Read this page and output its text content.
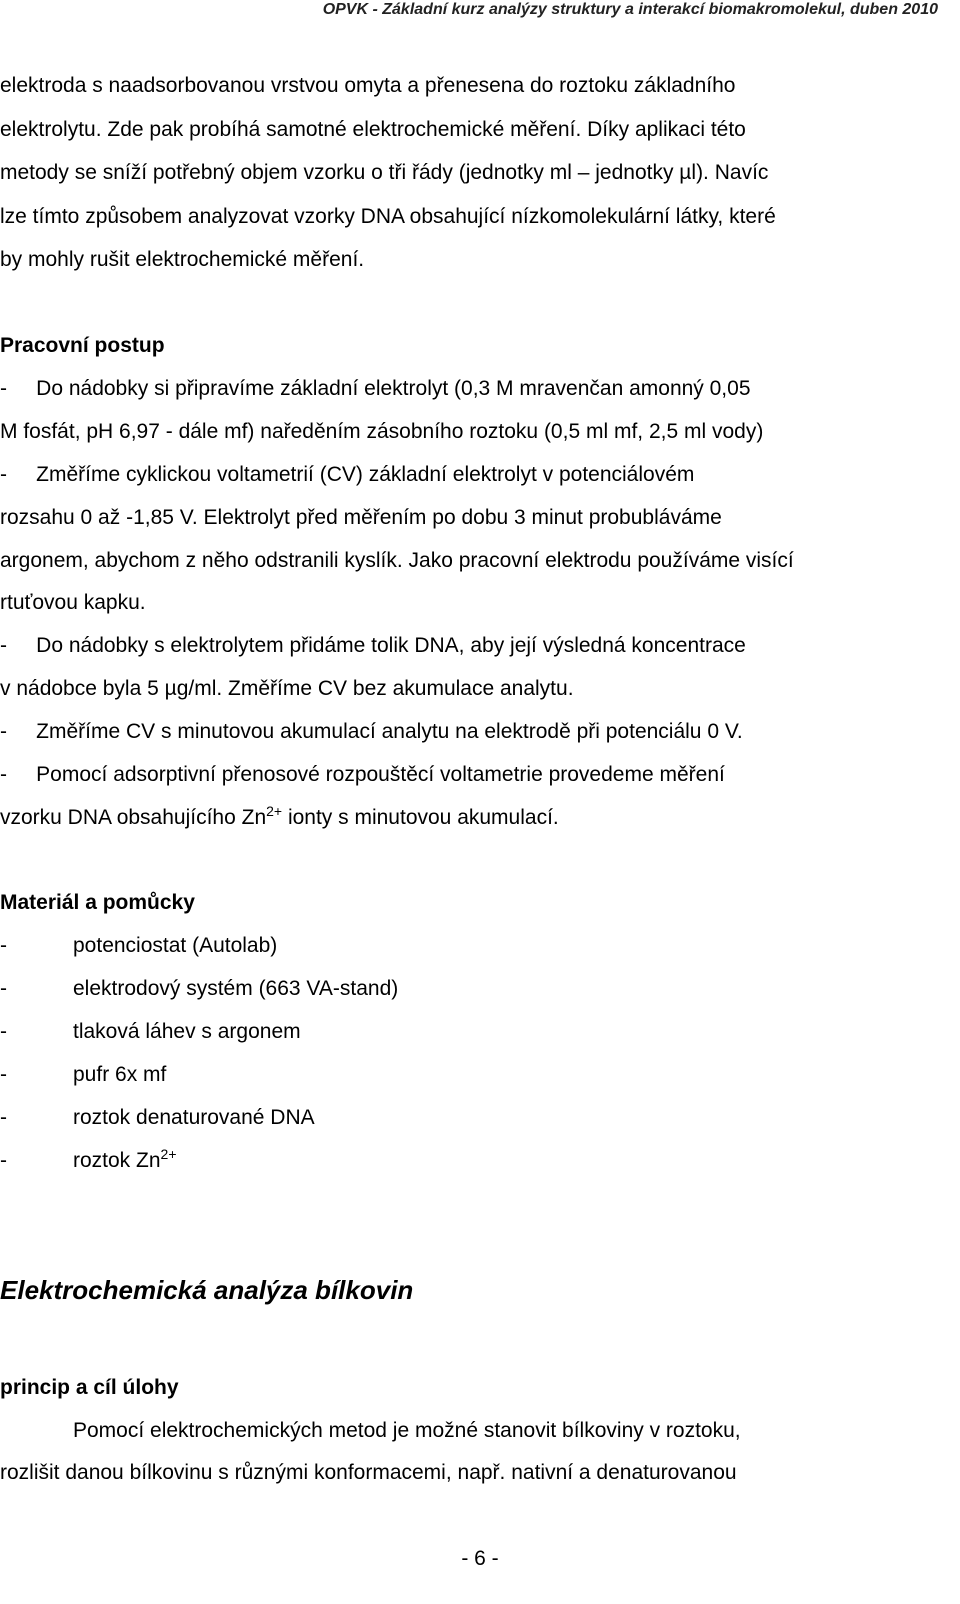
OPVK - Základní kurz analýzy struktury a interakcí biomakromolekul, duben 2010
elektroda s naadsorbovanou vrstvou omyta a přenesena do roztoku základního
elektrolytu. Zde pak probíhá samotné elektrochemické měření. Díky aplikaci této
metody se sníží potřebný objem vzorku o tři řády (jednotky ml – jednotky µl). Navíc
lze tímto způsobem analyzovat vzorky DNA obsahující nízkomolekulární látky, které
by mohly rušit elektrochemické měření.
Pracovní postup
-     Do nádobky si připravíme základní elektrolyt (0,3 M mravenčan amonný 0,05
M fosfát, pH 6,97 - dále mf) naředěním zásobního roztoku (0,5 ml mf, 2,5 ml vody)
-     Změříme cyklickou voltametrií (CV) základní elektrolyt v potenciálovém
rozsahu 0 až -1,85 V. Elektrolyt před měřením po dobu 3 minut probubláváme
argonem, abychom z něho odstranili kyslík. Jako pracovní elektrodu používáme visící
rtuťovou kapku.
-     Do nádobky s elektrolytem přidáme tolik DNA, aby její výsledná koncentrace
v nádobce byla 5 µg/ml. Změříme CV bez akumulace analytu.
-     Změříme CV s minutovou akumulací analytu na elektrodě při potenciálu 0 V.
-     Pomocí adsorptivní přenosové rozpouštěcí voltametrie provedeme měření
vzorku DNA obsahujícího $Zn^{2+}$ ionty s minutovou akumulací.
Materiál a pomůcky
-	potenciostat (Autolab)
-	elektrodový systém (663 VA-stand)
-	tlaková láhev s argonem
-	pufr 6x mf
-	roztok denaturované DNA
-	roztok $Zn^{2+}$
Elektrochemická analýza bílkovin
princip a cíl úlohy
Pomocí elektrochemických metod je možné stanovit bílkoviny v roztoku,
rozlišit danou bílkovinu s různými konformacemi, např. nativní a denaturovanou
- 6 -
